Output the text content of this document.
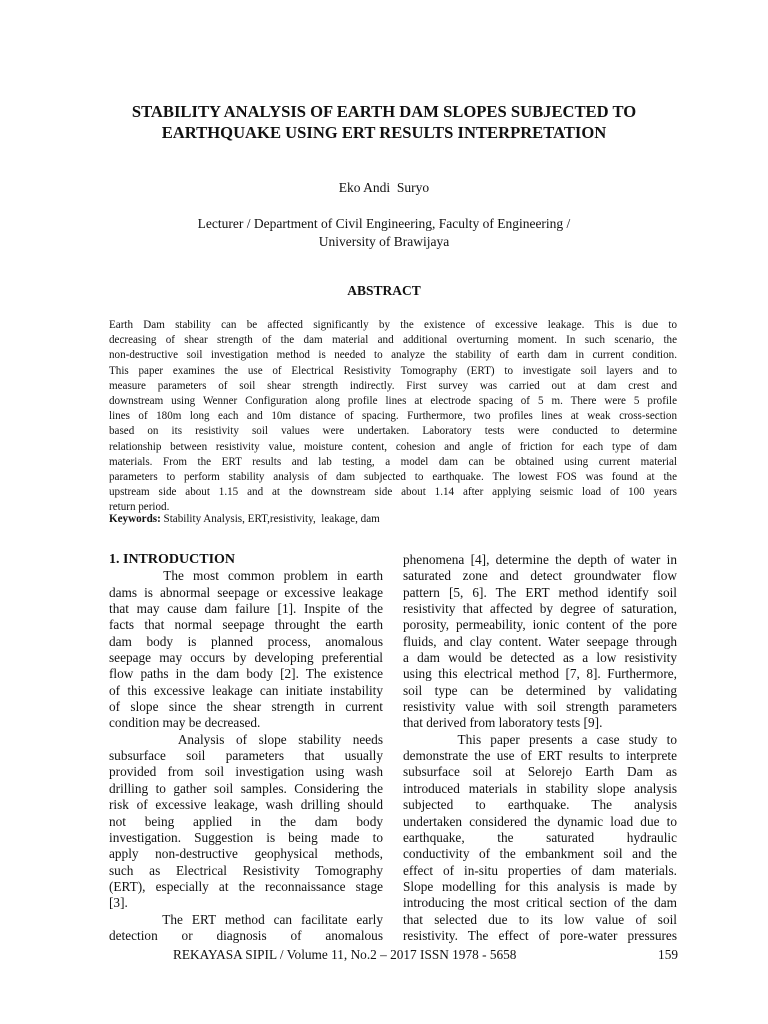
STABILITY ANALYSIS OF EARTH DAM SLOPES SUBJECTED TO
EARTHQUAKE USING ERT RESULTS INTERPRETATION
Eko Andi  Suryo
Lecturer / Department of Civil Engineering, Faculty of Engineering /
University of Brawijaya
ABSTRACT
Earth Dam stability can be affected significantly by the existence of excessive leakage. This is due to
decreasing of shear strength of the dam material and additional overturning moment. In such scenario, the
non-destructive soil investigation method is needed to analyze the stability of earth dam in current condition.
This paper examines the use of Electrical Resistivity Tomography (ERT) to investigate soil layers and to
measure parameters of soil shear strength indirectly. First survey was carried out at dam crest and
downstream using Wenner Configuration along profile lines at electrode spacing of 5 m. There were 5 profile
lines of 180m long each and 10m distance of spacing. Furthermore, two profiles lines at weak cross-section
based on its resistivity soil values were undertaken. Laboratory tests were conducted to determine
relationship between resistivity value, moisture content, cohesion and angle of friction for each type of dam
materials. From the ERT results and lab testing, a model dam can be obtained using current material
parameters to perform stability analysis of dam subjected to earthquake. The lowest FOS was found at the
upstream side about 1.15 and at the downstream side about 1.14 after applying seismic load of 100 years
return period.
Keywords: Stability Analysis, ERT,resistivity,  leakage, dam
1. INTRODUCTION
The most common problem in earth
dams is abnormal seepage or excessive leakage
that may cause dam failure [1]. Inspite of the
facts that normal seepage throught the earth
dam body is planned process, anomalous
seepage may occurs by developing preferential
flow paths in the dam body [2]. The existence
of this excessive leakage can initiate instability
of slope since the shear strength in current
condition may be decreased.
Analysis of slope stability needs
subsurface soil parameters that usually
provided from soil investigation using wash
drilling to gather soil samples. Considering the
risk of excessive leakage, wash drilling should
not being applied in the dam body
investigation. Suggestion is being made to
apply non-destructive geophysical methods,
such as Electrical Resistivity Tomography
(ERT), especially at the reconnaissance stage
[3].
The ERT method can facilitate early
detection or diagnosis of anomalous
phenomena [4], determine the depth of water in
saturated zone and detect groundwater flow
pattern [5, 6]. The ERT method identify soil
resistivity that affected by degree of saturation,
porosity, permeability, ionic content of the pore
fluids, and clay content. Water seepage through
a dam would be detected as a low resistivity
using this electrical method [7, 8]. Furthermore,
soil type can be determined by validating
resistivity value with soil strength parameters
that derived from laboratory tests [9].
This paper presents a case study to
demonstrate the use of ERT results to interprete
subsurface soil at Selorejo Earth Dam as
introduced materials in stability slope analysis
subjected to earthquake. The analysis
undertaken considered the dynamic load due to
earthquake, the saturated hydraulic
conductivity of the embankment soil and the
effect of in-situ properties of dam materials.
Slope modelling for this analysis is made by
introducing the most critical section of the dam
that selected due to its low value of soil
resistivity. The effect of pore-water pressures
REKAYASA SIPIL / Volume 11, No.2 – 2017 ISSN 1978 - 5658	159
